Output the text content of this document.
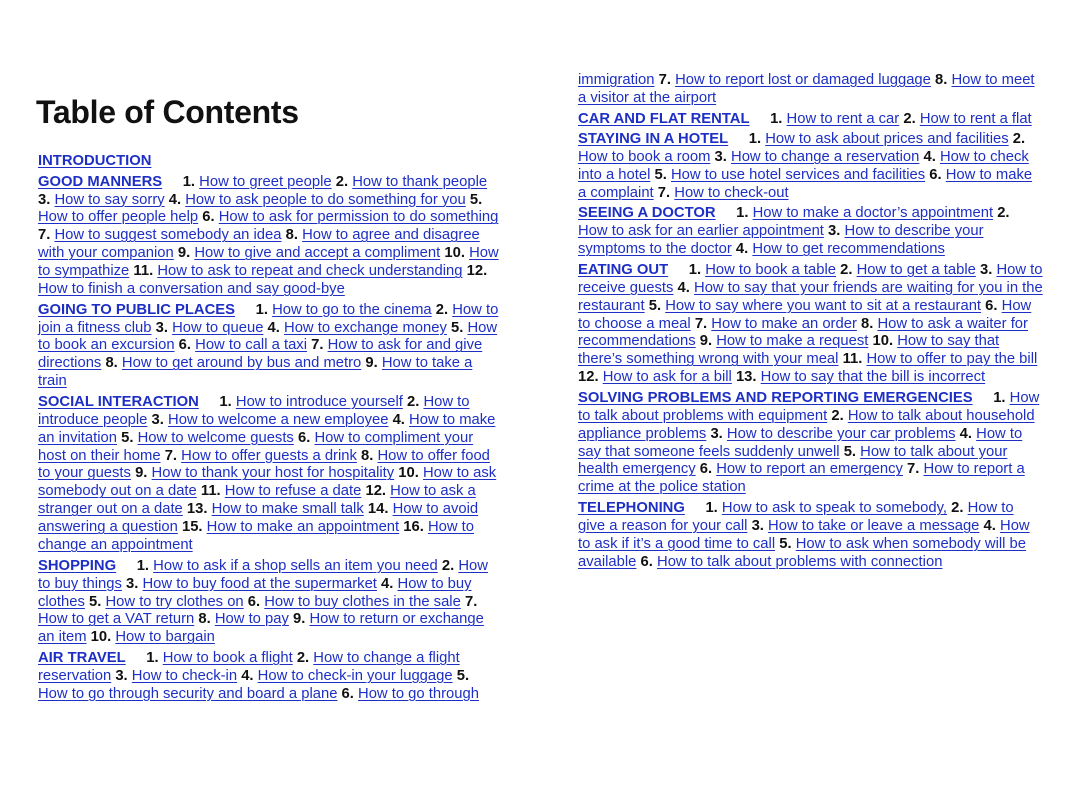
Table of Contents
INTRODUCTION
GOOD MANNERS 1. How to greet people 2. How to thank people 3. How to say sorry 4. How to ask people to do something for you 5. How to offer people help 6. How to ask for permission to do something 7. How to suggest somebody an idea 8. How to agree and disagree with your companion 9. How to give and accept a compliment 10. How to sympathize 11. How to ask to repeat and check understanding 12. How to finish a conversation and say good-bye
GOING TO PUBLIC PLACES 1. How to go to the cinema 2. How to join a fitness club 3. How to queue 4. How to exchange money 5. How to book an excursion 6. How to call a taxi 7. How to ask for and give directions 8. How to get around by bus and metro 9. How to take a train
SOCIAL INTERACTION 1. How to introduce yourself 2. How to introduce people 3. How to welcome a new employee 4. How to make an invitation 5. How to welcome guests 6. How to compliment your host on their home 7. How to offer guests a drink 8. How to offer food to your guests 9. How to thank your host for hospitality 10. How to ask somebody out on a date 11. How to refuse a date 12. How to ask a stranger out on a date 13. How to make small talk 14. How to avoid answering a question 15. How to make an appointment 16. How to change an appointment
SHOPPING 1. How to ask if a shop sells an item you need 2. How to buy things 3. How to buy food at the supermarket 4. How to buy clothes 5. How to try clothes on 6. How to buy clothes in the sale 7. How to get a VAT return 8. How to pay 9. How to return or exchange an item 10. How to bargain
AIR TRAVEL 1. How to book a flight 2. How to change a flight reservation 3. How to check-in 4. How to check-in your luggage 5. How to go through security and board a plane 6. How to go through
immigration 7. How to report lost or damaged luggage 8. How to meet a visitor at the airport
CAR AND FLAT RENTAL 1. How to rent a car 2. How to rent a flat
STAYING IN A HOTEL 1. How to ask about prices and facilities 2. How to book a room 3. How to change a reservation 4. How to check into a hotel 5. How to use hotel services and facilities 6. How to make a complaint 7. How to check-out
SEEING A DOCTOR 1. How to make a doctor’s appointment 2. How to ask for an earlier appointment 3. How to describe your symptoms to the doctor 4. How to get recommendations
EATING OUT 1. How to book a table 2. How to get a table 3. How to receive guests 4. How to say that your friends are waiting for you in the restaurant 5. How to say where you want to sit at a restaurant 6. How to choose a meal 7. How to make an order 8. How to ask a waiter for recommendations 9. How to make a request 10. How to say that there’s something wrong with your meal 11. How to offer to pay the bill 12. How to ask for a bill 13. How to say that the bill is incorrect
SOLVING PROBLEMS AND REPORTING EMERGENCIES 1. How to talk about problems with equipment 2. How to talk about household appliance problems 3. How to describe your car problems 4. How to say that someone feels suddenly unwell 5. How to talk about your health emergency 6. How to report an emergency 7. How to report a crime at the police station
TELEPHONING 1. How to ask to speak to somebody, 2. How to give a reason for your call 3. How to take or leave a message 4. How to ask if it’s a good time to call 5. How to ask when somebody will be available 6. How to talk about problems with connection
